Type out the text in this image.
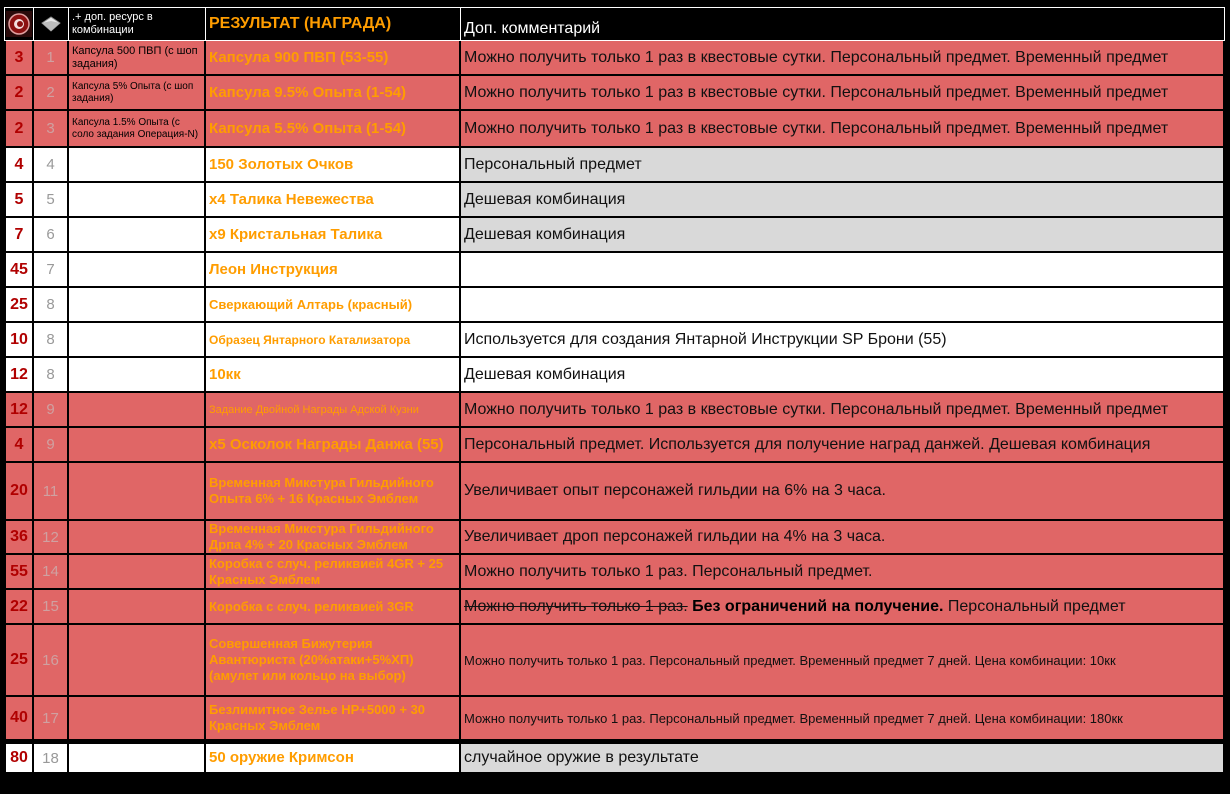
		.+ доп. ресурс в комбинации	РЕЗУЛЬТАТ (НАГРАДА)	Доп. комментарий
3	1	Капсула 500 ПВП (с шоп задания)	Капсула 900 ПВП (53-55)	Можно получить только 1 раз в квестовые сутки. Персональный предмет. Временный предмет
2	2	Капсула 5% Опыта (с шоп задания)	Капсула 9.5% Опыта (1-54)	Можно получить только 1 раз в квестовые сутки. Персональный предмет. Временный предмет
2	3	Капсула 1.5% Опыта (с соло задания Операция-N)	Капсула 5.5% Опыта (1-54)	Можно получить только 1 раз в квестовые сутки. Персональный предмет. Временный предмет
4	4		150 Золотых Очков	Персональный предмет
5	5		x4 Талика Невежества	Дешевая комбинация
7	6		x9 Кристальная Талика	Дешевая комбинация
45	7		Леон Инструкция	
25	8		Сверкающий Алтарь (красный)	
10	8		Образец Янтарного Катализатора	Используется для создания Янтарной Инструкции SP Брони (55)
12	8		10кк	Дешевая комбинация
12	9		Задание Двойной Награды Адской Кузни	Можно получить только 1 раз в квестовые сутки. Персональный предмет. Временный предмет
4	9		x5 Осколок Награды Данжа (55)	Персональный предмет. Используется для получение наград данжей. Дешевая комбинация
20	11		Временная Микстура Гильдийного Опыта 6% + 16 Красных Эмблем	Увеличивает опыт персонажей гильдии на 6% на 3 часа.
36	12		Временная Микстура Гильдийного Дрпа 4% + 20 Красных Эмблем	Увеличивает дроп персонажей гильдии на 4% на 3 часа.
55	14		Коробка с случ. реликвией 4GR + 25 Красных Эмблем	Можно получить только 1 раз. Персональный предмет.
22	15		Коробка с случ. реликвией 3GR	Можно получить только 1 раз. Без ограничений на получение. Персональный предмет
25	16		Совершенная Бижутерия Авантюриста (20%атаки+5%ХП)(амулет или кольцо на выбор)	Можно получить только 1 раз. Персональный предмет. Временный предмет 7 дней. Цена комбинации: 10кк
40	17		Безлимитное Зелье HP+5000 + 30 Красных Эмблем	Можно получить только 1 раз. Персональный предмет. Временный предмет 7 дней. Цена комбинации: 180кк
80	18		50 оружие Кримсон	случайное оружие в результате
